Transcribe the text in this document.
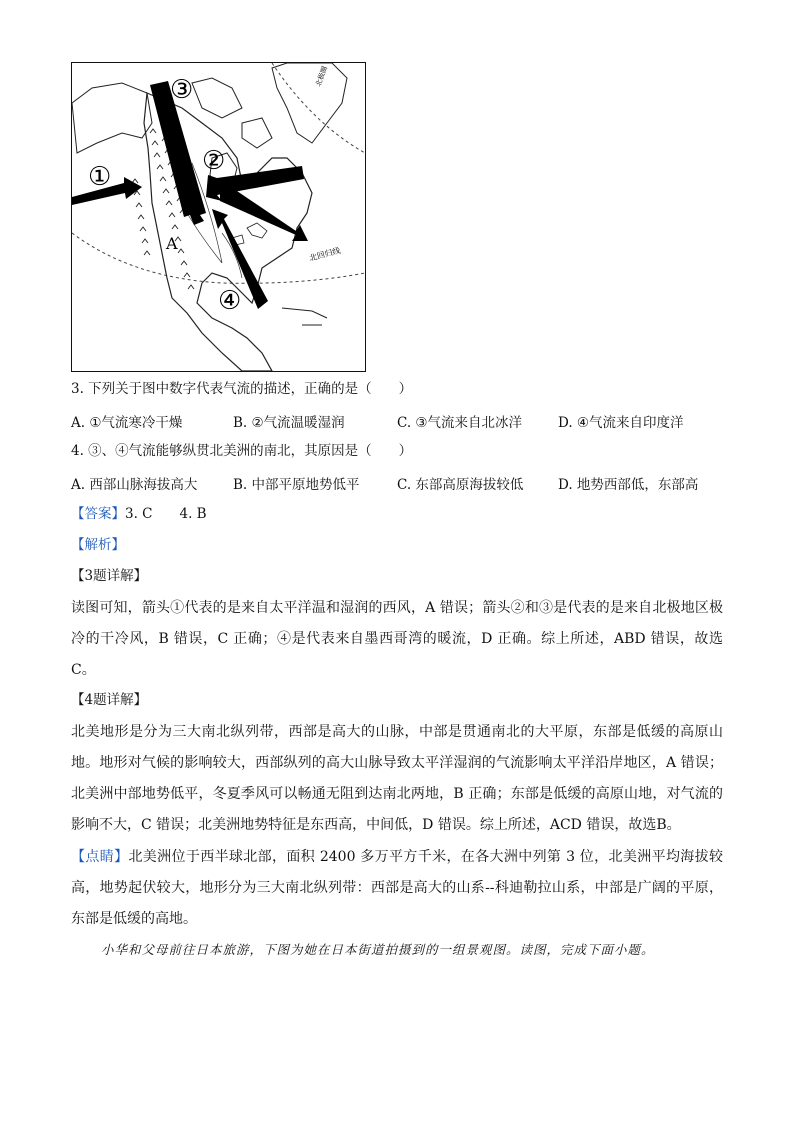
①
②
③
④
A
北极圈
北回归线
3. 下列关于图中数字代表气流的描述，正确的是（　　）
A. ①气流寒冷干燥	B. ②气流温暖湿润	C. ③气流来自北冰洋	D. ④气流来自印度洋
4. ③、④气流能够纵贯北美洲的南北，其原因是（　　）
A. 西部山脉海拔高大	B. 中部平原地势低平	C. 东部高原海拔较低	D. 地势西部低，东部高
【答案】3. C　　4. B
【解析】
【3题详解】
读图可知，箭头①代表的是来自太平洋温和湿润的西风，A 错误；箭头②和③是代表的是来自北极地区极冷的干冷风，B 错误，C 正确；④是代表来自墨西哥湾的暖流，D 正确。综上所述，ABD 错误，故选C。
【4题详解】
北美地形是分为三大南北纵列带，西部是高大的山脉，中部是贯通南北的大平原，东部是低缓的高原山地。地形对气候的影响较大，西部纵列的高大山脉导致太平洋湿润的气流影响太平洋沿岸地区，A 错误；北美洲中部地势低平，冬夏季风可以畅通无阻到达南北两地，B 正确；东部是低缓的高原山地，对气流的影响不大，C 错误；北美洲地势特征是东西高，中间低，D 错误。综上所述，ACD 错误，故选B。
【点睛】北美洲位于西半球北部，面积 2400 多万平方千米，在各大洲中列第 3 位，北美洲平均海拔较高，地势起伏较大，地形分为三大南北纵列带：西部是高大的山系--科迪勒拉山系，中部是广阔的平原，东部是低缓的高地。
小华和父母前往日本旅游，下图为她在日本街道拍摄到的一组景观图。读图，完成下面小题。
